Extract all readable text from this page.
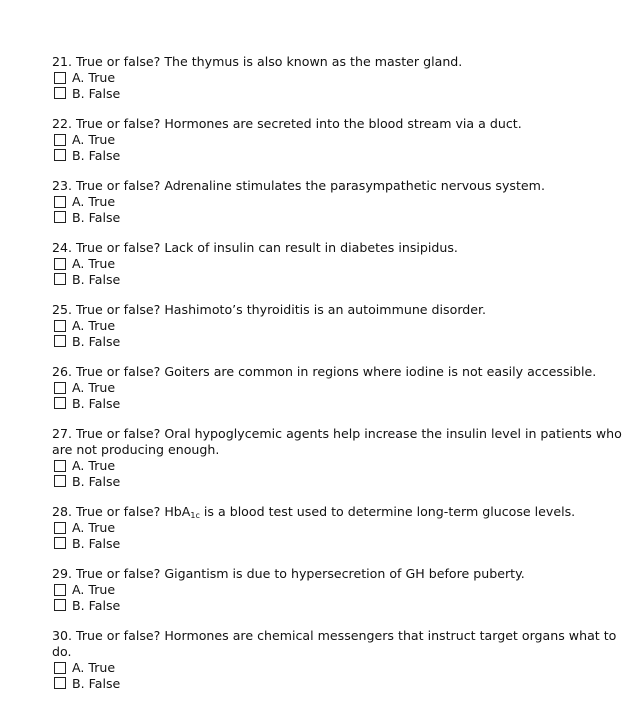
21. True or false? The thymus is also known as the master gland.

A. True
B. False

22. True or false? Hormones are secreted into the blood stream via a duct.

A. True
B. False

23. True or false? Adrenaline stimulates the parasympathetic nervous system.

A. True
B. False

24. True or false? Lack of insulin can result in diabetes insipidus.

A. True
B. False

25. True or false? Hashimoto’s thyroiditis is an autoimmune disorder.

A. True
B. False

26. True or false? Goiters are common in regions where iodine is not easily accessible.

A. True
B. False

27. True or false? Oral hypoglycemic agents help increase the insulin level in patients who are not producing enough.

A. True
B. False

28. True or false? HbA$_{1c}$ is a blood test used to determine long-term glucose levels.

A. True
B. False

29. True or false? Gigantism is due to hypersecretion of GH before puberty.

A. True
B. False

30. True or false? Hormones are chemical messengers that instruct target organs what to do.

A. True
B. False
